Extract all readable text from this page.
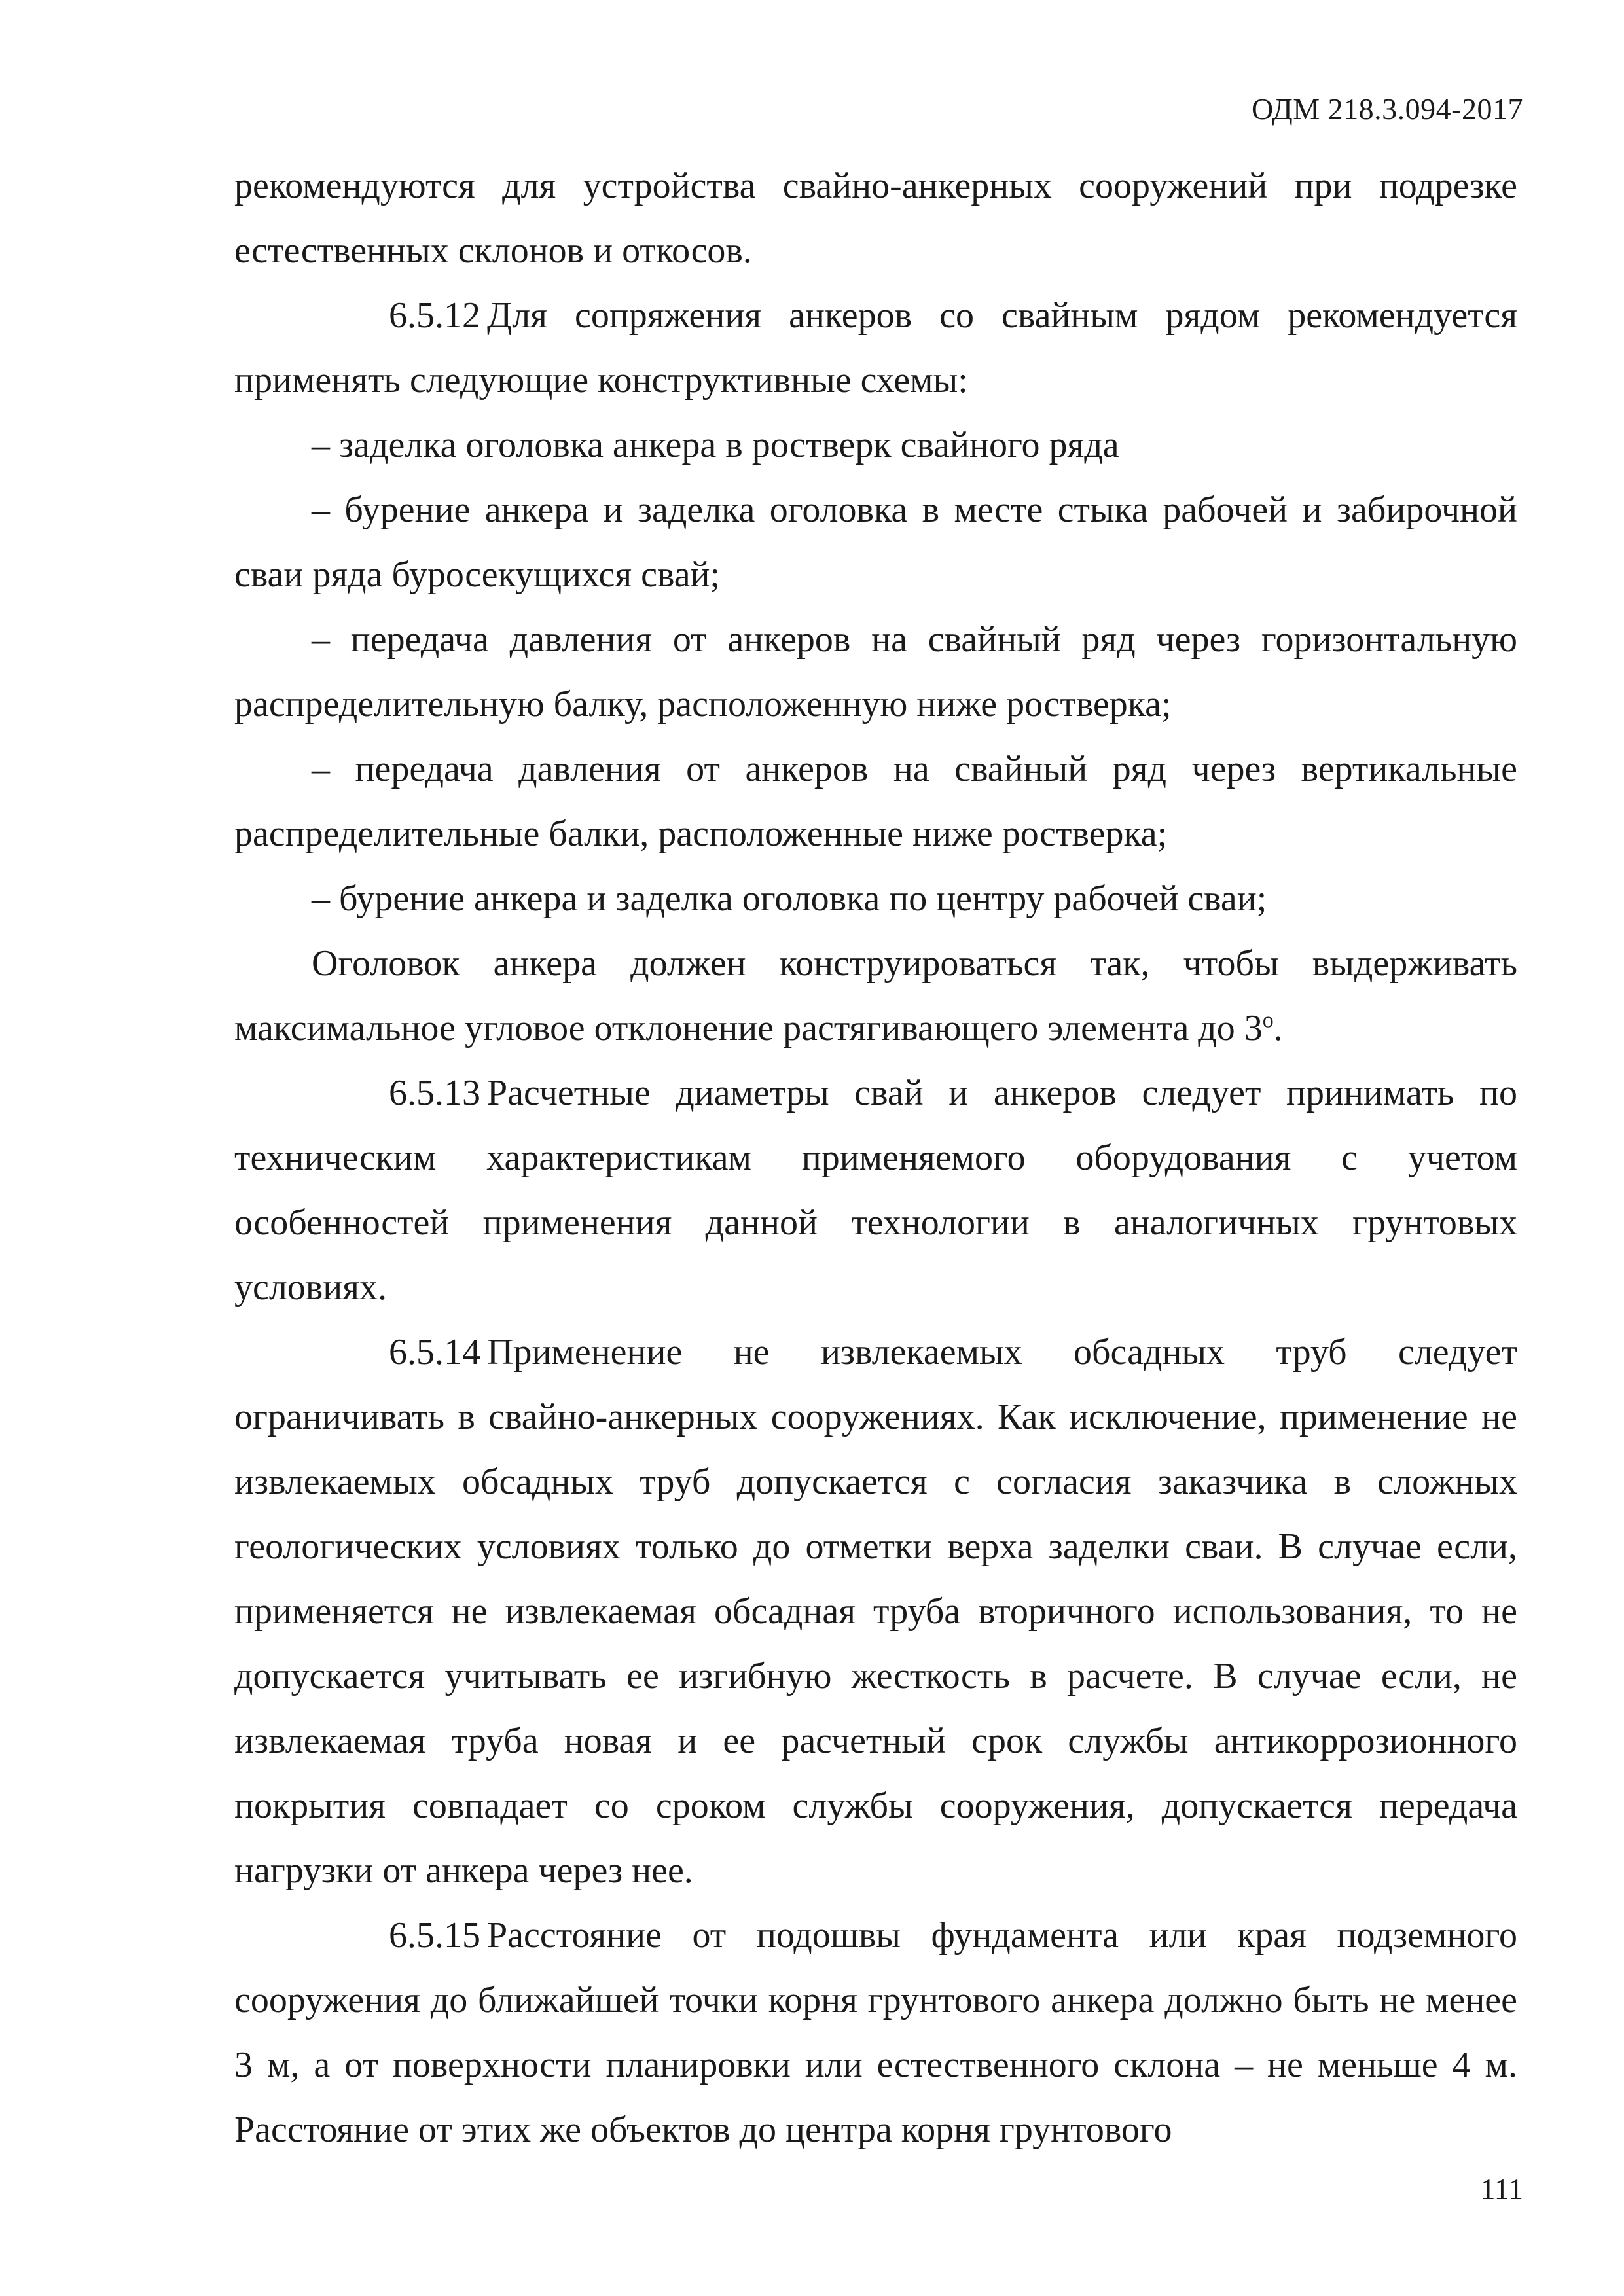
ОДМ 218.3.094-2017

рекомендуются для устройства свайно-анкерных сооружений при подрезке естественных склонов и откосов.

6.5.12 Для сопряжения анкеров со свайным рядом рекомендуется применять следующие конструктивные схемы:

– заделка оголовка анкера в ростверк свайного ряда

– бурение анкера и заделка оголовка в месте стыка рабочей и забирочной сваи ряда буросекущихся свай;

– передача давления от анкеров на свайный ряд через горизонтальную распределительную балку, расположенную ниже ростверка;

– передача давления от анкеров на свайный ряд через вертикальные распределительные балки, расположенные ниже ростверка;

– бурение анкера и заделка оголовка по центру рабочей сваи;

Оголовок анкера должен конструироваться так, чтобы выдерживать максимальное угловое отклонение растягивающего элемента до $3^о$.

6.5.13 Расчетные диаметры свай и анкеров следует принимать по техническим характеристикам применяемого оборудования с учетом особенностей применения данной технологии в аналогичных грунтовых условиях.

6.5.14 Применение не извлекаемых обсадных труб следует ограничивать в свайно-анкерных сооружениях. Как исключение, применение не извлекаемых обсадных труб допускается с согласия заказчика в сложных геологических условиях только до отметки верха заделки сваи. В случае если, применяется не извлекаемая обсадная труба вторичного использования, то не допускается учитывать ее изгибную жесткость в расчете. В случае если, не извлекаемая труба новая и ее расчетный срок службы антикоррозионного покрытия совпадает со сроком службы сооружения, допускается передача нагрузки от анкера через нее.

6.5.15 Расстояние от подошвы фундамента или края подземного сооружения до ближайшей точки корня грунтового анкера должно быть не менее 3 м, а от поверхности планировки или естественного склона – не меньше 4 м. Расстояние от этих же объектов до центра корня грунтового

111
